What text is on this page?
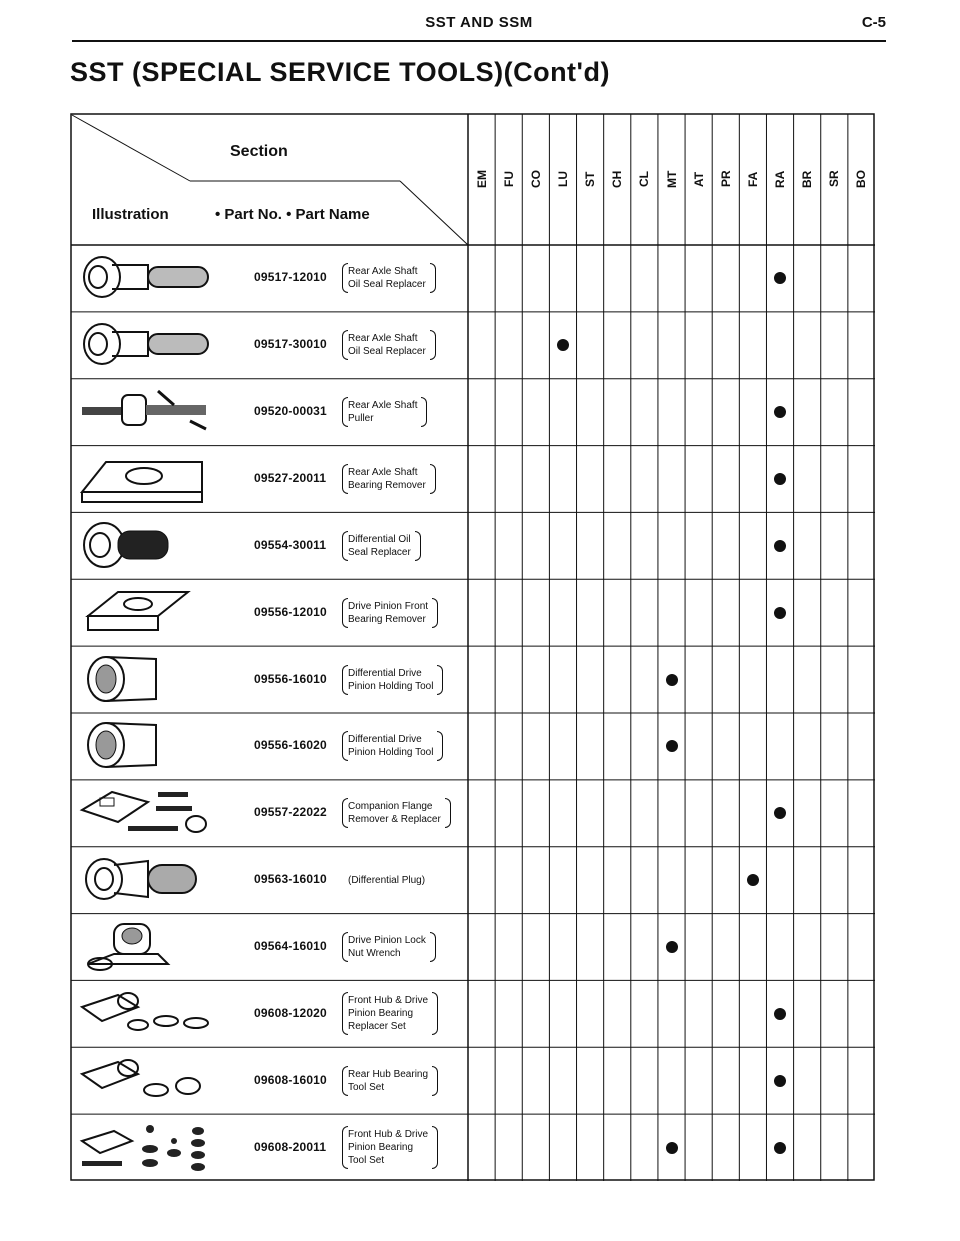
SST AND SSM	C-5
SST (SPECIAL SERVICE TOOLS)(Cont'd)
Section
Illustration	• Part No. • Part Name
EM FU CO LU ST CH CL MT AT PR FA RA BR SR BO
09517-12010 Rear Axle Shaft
Oil Seal Replacer
09517-30010 Rear Axle Shaft
Oil Seal Replacer
09520-00031 Rear Axle Shaft
Puller
09527-20011 Rear Axle Shaft
Bearing Remover
09554-30011 Differential Oil
Seal Replacer
09556-12010 Drive Pinion Front
Bearing Remover
09556-16010 Differential Drive
Pinion Holding Tool
09556-16020 Differential Drive
Pinion Holding Tool
09557-22022 Companion Flange
Remover & Replacer
09563-16010 (Differential Plug)
09564-16010 Drive Pinion Lock
Nut Wrench
09608-12020
Front Hub & Drive
Pinion Bearing
Replacer Set
09608-16010 Rear Hub Bearing
Tool Set
09608-20011
Front Hub & Drive
Pinion Bearing
Tool Set
